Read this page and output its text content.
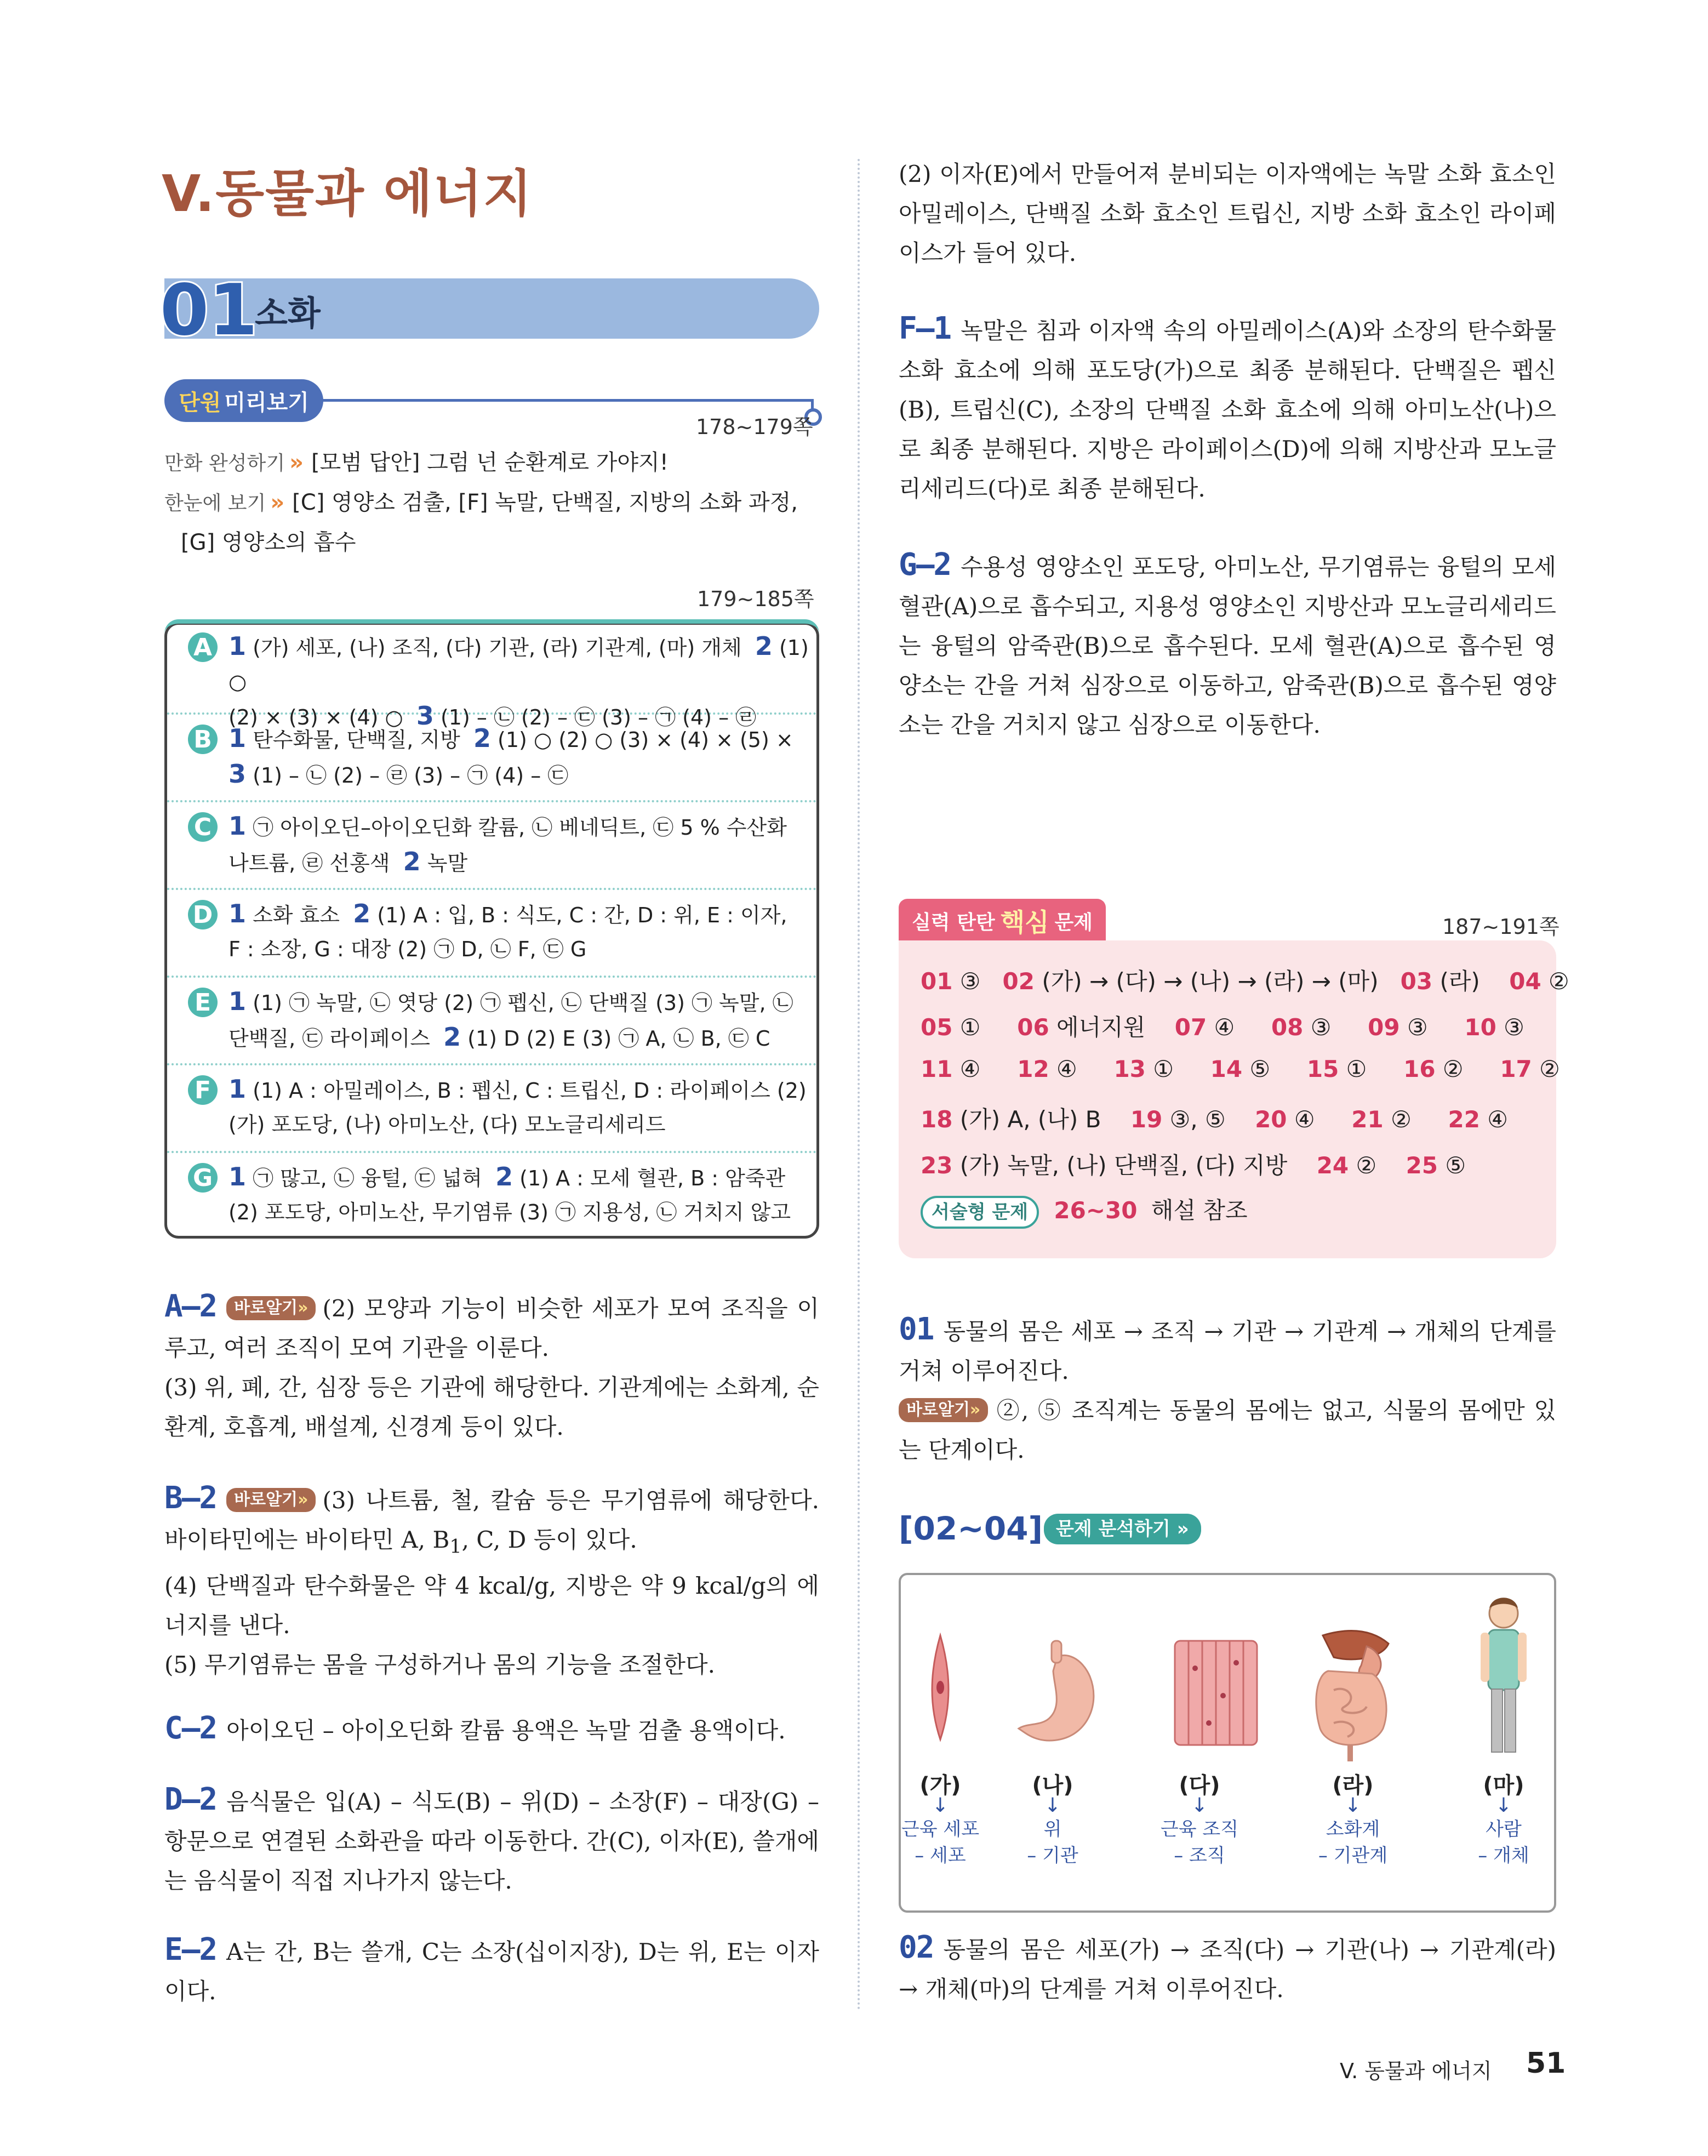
V.동물과 에너지
01
소화
단원 미리보기
178~179쪽
만화 완성하기 » [모범 답안] 그럼 넌 순환계로 가야지!
한눈에 보기 » [C] 영양소 검출, [F] 녹말, 단백질, 지방의 소화 과정,
[G] 영양소의 흡수
179~185쪽
A 1 (가) 세포, (나) 조직, (다) 기관, (라) 기관계, (마) 개체  2 (1) ○
(2) × (3) × (4) ○  3 (1) – ㉡ (2) – ㉢ (3) – ㉠ (4) – ㉣
B 1 탄수화물, 단백질, 지방  2 (1) ○ (2) ○ (3) × (4) × (5) ×
3 (1) – ㉡ (2) – ㉣ (3) – ㉠ (4) – ㉢
C 1 ㉠ 아이오딘–아이오딘화 칼륨, ㉡ 베네딕트, ㉢ 5 % 수산화
나트륨, ㉣ 선홍색  2 녹말
D 1 소화 효소  2 (1) A : 입, B : 식도, C : 간, D : 위, E : 이자,
F : 소장, G : 대장 (2) ㉠ D, ㉡ F, ㉢ G
E 1 (1) ㉠ 녹말, ㉡ 엿당 (2) ㉠ 펩신, ㉡ 단백질 (3) ㉠ 녹말, ㉡
단백질, ㉢ 라이페이스  2 (1) D (2) E (3) ㉠ A, ㉡ B, ㉢ C
F 1 (1) A : 아밀레이스, B : 펩신, C : 트립신, D : 라이페이스 (2)
(가) 포도당, (나) 아미노산, (다) 모노글리세리드
G 1 ㉠ 많고, ㉡ 융털, ㉢ 넓혀  2 (1) A : 모세 혈관, B : 암죽관
(2) 포도당, 아미노산, 무기염류 (3) ㉠ 지용성, ㉡ 거치지 않고
A–2 바로알기» (2) 모양과 기능이 비슷한 세포가 모여 조직을 이루고, 여러 조직이 모여 기관을 이룬다.
(3) 위, 폐, 간, 심장 등은 기관에 해당한다. 기관계에는 소화계, 순환계, 호흡계, 배설계, 신경계 등이 있다.
B–2 바로알기» (3) 나트륨, 철, 칼슘 등은 무기염류에 해당한다. 바이타민에는 바이타민 A, $B_1$, C, D 등이 있다.
(4) 단백질과 탄수화물은 약 4 kcal/g, 지방은 약 9 kcal/g의 에너지를 낸다.
(5) 무기염류는 몸을 구성하거나 몸의 기능을 조절한다.
C–2 아이오딘 – 아이오딘화 칼륨 용액은 녹말 검출 용액이다.
D–2 음식물은 입(A) – 식도(B) – 위(D) – 소장(F) – 대장(G) – 항문으로 연결된 소화관을 따라 이동한다. 간(C), 이자(E), 쓸개에는 음식물이 직접 지나가지 않는다.
E–2 A는 간, B는 쓸개, C는 소장(십이지장), D는 위, E는 이자이다.
(2) 이자(E)에서 만들어져 분비되는 이자액에는 녹말 소화 효소인 아밀레이스, 단백질 소화 효소인 트립신, 지방 소화 효소인 라이페이스가 들어 있다.
F–1 녹말은 침과 이자액 속의 아밀레이스(A)와 소장의 탄수화물 소화 효소에 의해 포도당(가)으로 최종 분해된다. 단백질은 펩신(B), 트립신(C), 소장의 단백질 소화 효소에 의해 아미노산(나)으로 최종 분해된다. 지방은 라이페이스(D)에 의해 지방산과 모노글리세리드(다)로 최종 분해된다.
G–2 수용성 영양소인 포도당, 아미노산, 무기염류는 융털의 모세 혈관(A)으로 흡수되고, 지용성 영양소인 지방산과 모노글리세리드는 융털의 암죽관(B)으로 흡수된다. 모세 혈관(A)으로 흡수된 영양소는 간을 거쳐 심장으로 이동하고, 암죽관(B)으로 흡수된 영양소는 간을 거치지 않고 심장으로 이동한다.
실력 탄탄 핵심 문제	187~191쪽
01 ③   02 (가) → (다) → (나) → (라) → (마)   03 (라)    04 ②
05 ①     06 에너지원    07 ④     08 ③     09 ③     10 ③
11 ④     12 ④     13 ①     14 ⑤     15 ①     16 ②     17 ②
18 (가) A, (나) B    19 ③, ⑤    20 ④     21 ②     22 ④
23 (가) 녹말, (나) 단백질, (다) 지방    24 ②    25 ⑤
서술형 문제 26~30 해설 참조
01 동물의 몸은 세포 → 조직 → 기관 → 기관계 → 개체의 단계를 거쳐 이루어진다.
바로알기» ②, ⑤ 조직계는 동물의 몸에는 없고, 식물의 몸에만 있는 단계이다.
[02~04] 문제 분석하기 »
(가)
↓
근육 세포
– 세포
(나)
↓
위
– 기관
(다)
↓
근육 조직
– 조직
(라)
↓
소화계
– 기관계
(마)
↓
사람
– 개체
02 동물의 몸은 세포(가) → 조직(다) → 기관(나) → 기관계(라) → 개체(마)의 단계를 거쳐 이루어진다.
V. 동물과 에너지 51
